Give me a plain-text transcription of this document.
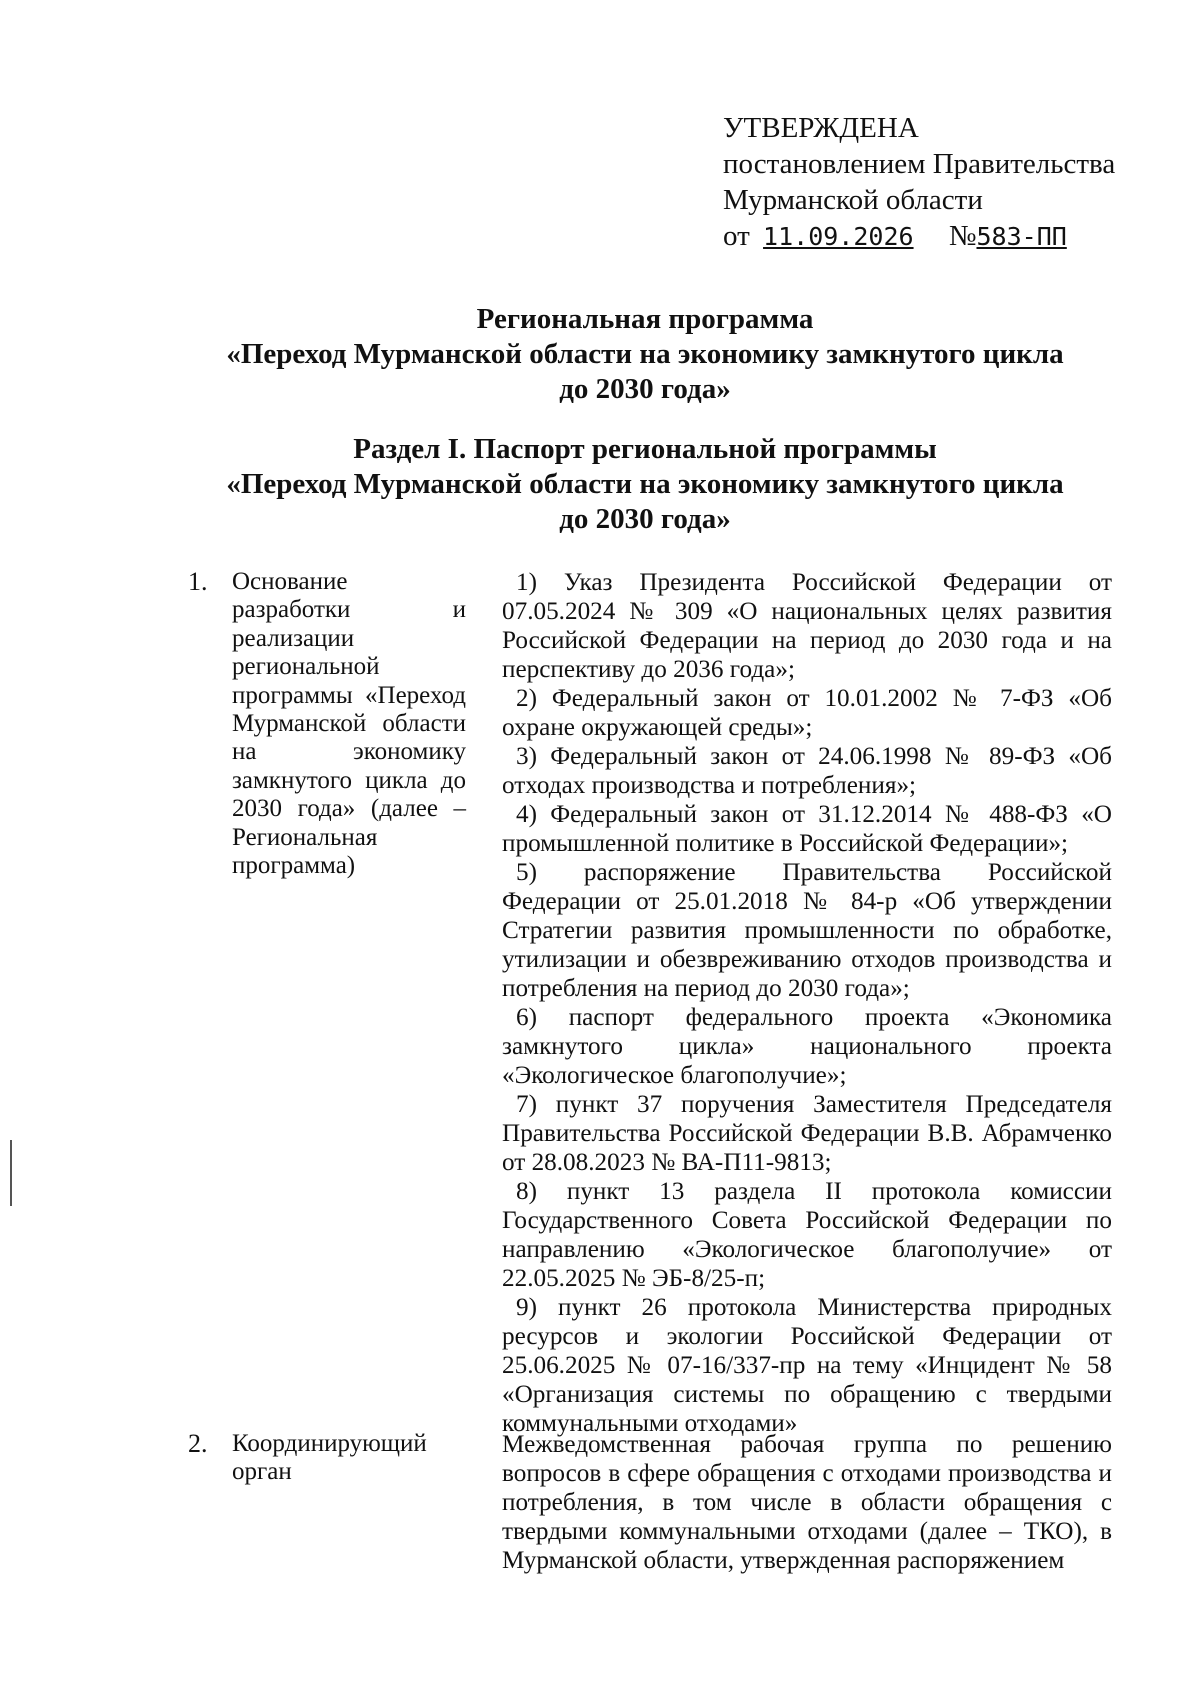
УТВЕРЖДЕНА
постановлением Правительства
Мурманской области
от 11.09.2026 №583-ПП
Региональная программа
«Переход Мурманской области на экономику замкнутого цикла
до 2030 года»
Раздел I. Паспорт региональной программы
«Переход Мурманской области на экономику замкнутого цикла
до 2030 года»
1. Основание разработки и реализации региональной программы «Переход Мурманской области на экономику замкнутого цикла до 2030 года» (далее – Региональная программа)

1) Указ Президента Российской Федерации от 07.05.2024 № 309 «О национальных целях развития Российской Федерации на период до 2030 года и на перспективу до 2036 года»;

2) Федеральный закон от 10.01.2002 № 7-ФЗ «Об охране окружающей среды»;

3) Федеральный закон от 24.06.1998 № 89-ФЗ «Об отходах производства и потребления»;

4) Федеральный закон от 31.12.2014 № 488-ФЗ «О промышленной политике в Российской Федерации»;

5) распоряжение Правительства Российской Федерации от 25.01.2018 № 84-р «Об утверждении Стратегии развития промышленности по обработке, утилизации и обезвреживанию отходов производства и потребления на период до 2030 года»;

6) паспорт федерального проекта «Экономика замкнутого цикла» национального проекта «Экологическое благополучие»;

7) пункт 37 поручения Заместителя Председателя Правительства Российской Федерации В.В. Абрамченко от 28.08.2023 № ВА-П11-9813;

8) пункт 13 раздела II протокола комиссии Государственного Совета Российской Федерации по направлению «Экологическое благополучие» от 22.05.2025 № ЭБ-8/25-п;

9) пункт 26 протокола Министерства природных ресурсов и экологии Российской Федерации от 25.06.2025 № 07-16/337-пр на тему «Инцидент № 58 «Организация системы по обращению с твердыми коммунальными отходами»

2. Координирующий орган

Межведомственная рабочая группа по решению вопросов в сфере обращения с отходами производства и потребления, в том числе в области обращения с твердыми коммунальными отходами (далее – ТКО), в Мурманской области, утвержденная распоряжением
